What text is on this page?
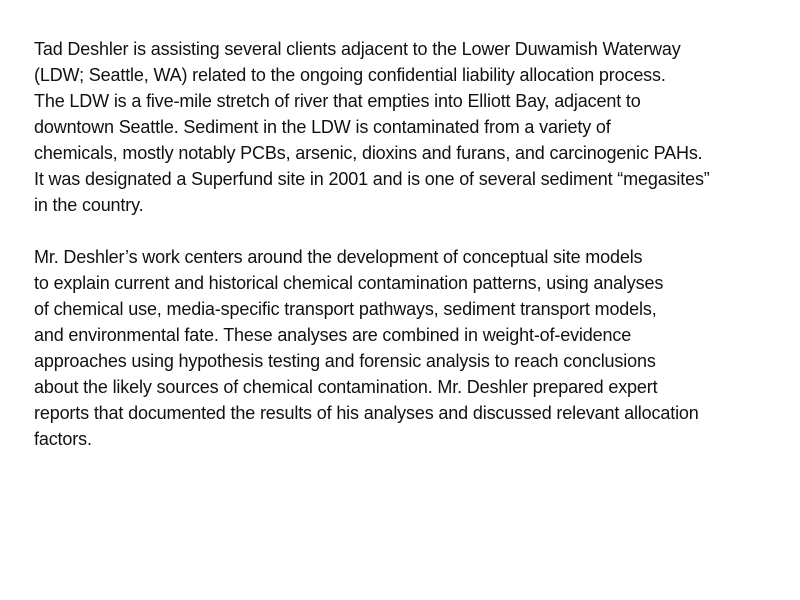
Tad Deshler is assisting several clients adjacent to the Lower Duwamish Waterway
(LDW; Seattle, WA) related to the ongoing confidential liability allocation process.
The LDW is a five-mile stretch of river that empties into Elliott Bay, adjacent to
downtown Seattle. Sediment in the LDW is contaminated from a variety of
chemicals, mostly notably PCBs, arsenic, dioxins and furans, and carcinogenic PAHs.
It was designated a Superfund site in 2001 and is one of several sediment “megasites”
in the country.
Mr. Deshler’s work centers around the development of conceptual site models
to explain current and historical chemical contamination patterns, using analyses
of chemical use, media-specific transport pathways, sediment transport models,
and environmental fate. These analyses are combined in weight-of-evidence
approaches using hypothesis testing and forensic analysis to reach conclusions
about the likely sources of chemical contamination. Mr. Deshler prepared expert
reports that documented the results of his analyses and discussed relevant allocation
factors.
